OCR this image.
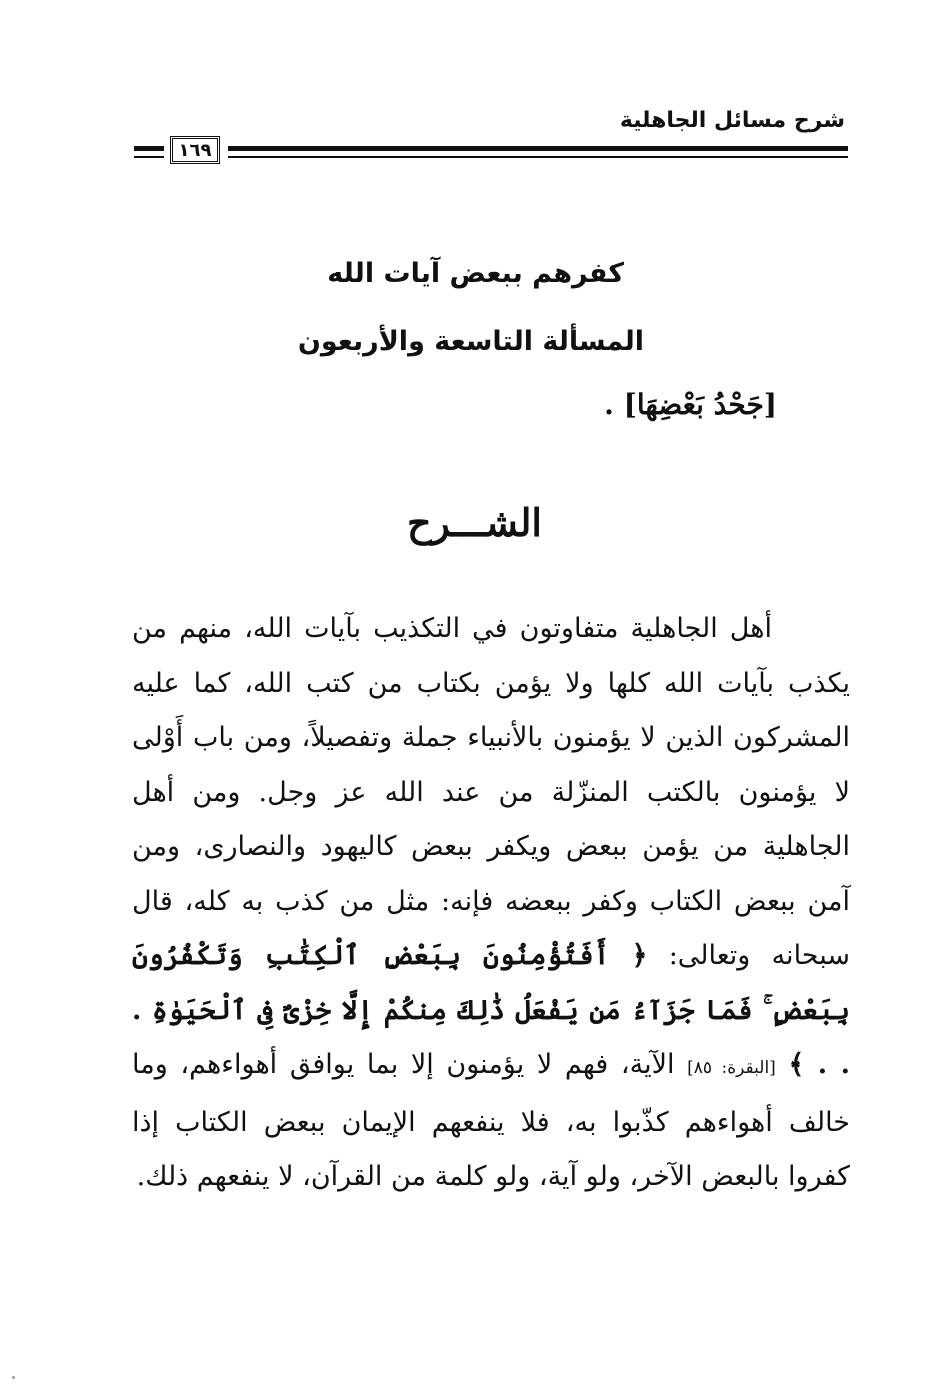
شرح مسائل الجاهلية
١٦٩
كفرهم ببعض آيات الله
المسألة التاسعة والأربعون
[جَحْدُ بَعْضِهَا] .
الشـــرح

أهل الجاهلية متفاوتون في التكذيب بآيات الله، منهم من يكذب بآيات الله كلها ولا يؤمن بكتاب من كتب الله، كما عليه المشركون الذين لا يؤمنون بالأنبياء جملة وتفصيلاً، ومن باب أَوْلى لا يؤمنون بالكتب المنزّلة من عند الله عز وجل. ومن أهل الجاهلية من يؤمن ببعض ويكفر ببعض كاليهود والنصارى، ومن آمن ببعض الكتاب وكفر ببعضه فإنه: مثل من كذب به كله، قال سبحانه وتعالى: ﴿ أَفَتُؤْمِنُونَ بِبَعْضِ ٱلْكِتَٰبِ وَتَكْفُرُونَ بِبَعْضٍ ۚ فَمَا جَزَآءُ مَن يَفْعَلُ ذَٰلِكَ مِنكُمْ إِلَّا خِزْىٌ فِى ٱلْحَيَوٰةِ . . . ﴾ [البقرة: ٨٥] الآية، فهم لا يؤمنون إلا بما يوافق أهواءهم، وما خالف أهواءهم كذّبوا به، فلا ينفعهم الإيمان ببعض الكتاب إذا كفروا بالبعض الآخر، ولو آية، ولو كلمة من القرآن، لا ينفعهم ذلك.
